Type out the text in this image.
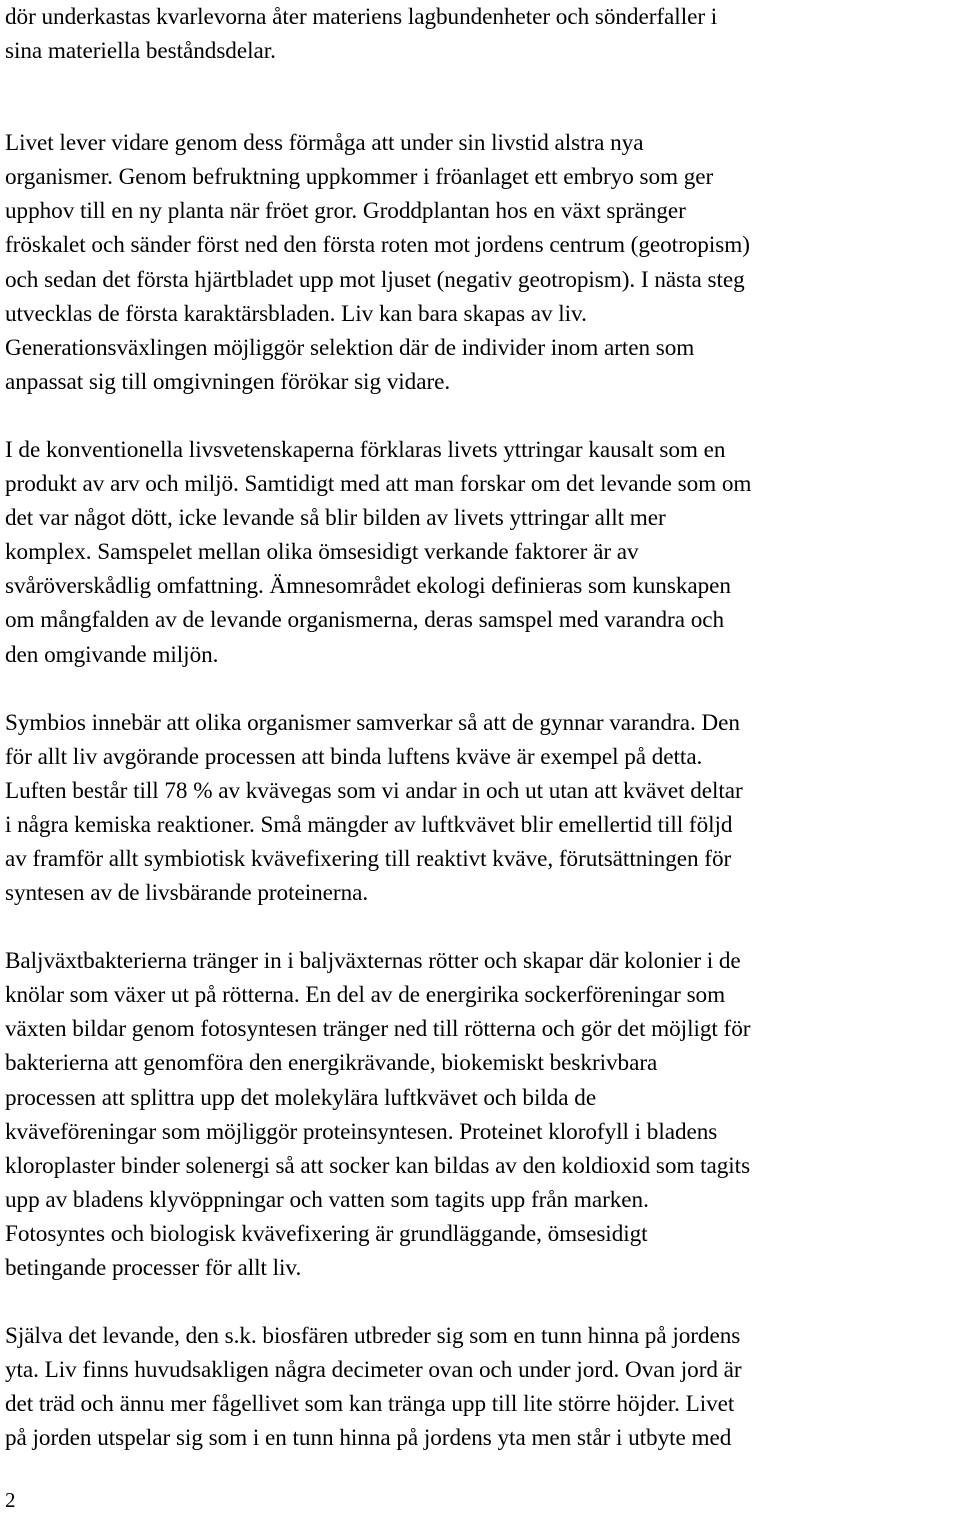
dör underkastas kvarlevorna åter materiens lagbundenheter och sönderfaller i
sina materiella beståndsdelar.

Livet lever vidare genom dess förmåga att under sin livstid alstra nya
organismer. Genom befruktning uppkommer i fröanlaget ett embryo som ger
upphov till en ny planta när fröet gror. Groddplantan hos en växt spränger
fröskalet och sänder först ned den första roten mot jordens centrum (geotropism)
och sedan det första hjärtbladet upp mot ljuset (negativ geotropism). I nästa steg
utvecklas de första karaktärsbladen. Liv kan bara skapas av liv.
Generationsväxlingen möjliggör selektion där de individer inom arten som
anpassat sig till omgivningen förökar sig vidare.

I de konventionella livsvetenskaperna förklaras livets yttringar kausalt som en
produkt av arv och miljö. Samtidigt med att man forskar om det levande som om
det var något dött, icke levande så blir bilden av livets yttringar allt mer
komplex. Samspelet mellan olika ömsesidigt verkande faktorer är av
svåröverskådlig omfattning. Ämnesområdet ekologi definieras som kunskapen
om mångfalden av de levande organismerna, deras samspel med varandra och
den omgivande miljön.

Symbios innebär att olika organismer samverkar så att de gynnar varandra. Den
för allt liv avgörande processen att binda luftens kväve är exempel på detta.
Luften består till 78 % av kvävegas som vi andar in och ut utan att kvävet deltar
i några kemiska reaktioner. Små mängder av luftkvävet blir emellertid till följd
av framför allt symbiotisk kvävefixering till reaktivt kväve, förutsättningen för
syntesen av de livsbärande proteinerna.

Baljväxtbakterierna tränger in i baljväxternas rötter och skapar där kolonier i de
knölar som växer ut på rötterna. En del av de energirika sockerföreningar som
växten bildar genom fotosyntesen tränger ned till rötterna och gör det möjligt för
bakterierna att genomföra den energikrävande, biokemiskt beskrivbara
processen att splittra upp det molekylära luftkvävet och bilda de
kväveföreningar som möjliggör proteinsyntesen. Proteinet klorofyll i bladens
kloroplaster binder solenergi så att socker kan bildas av den koldioxid som tagits
upp av bladens klyvöppningar och vatten som tagits upp från marken.
Fotosyntes och biologisk kvävefixering är grundläggande, ömsesidigt
betingande processer för allt liv.

Själva det levande, den s.k. biosfären utbreder sig som en tunn hinna på jordens
yta. Liv finns huvudsakligen några decimeter ovan och under jord. Ovan jord är
det träd och ännu mer fågellivet som kan tränga upp till lite större höjder. Livet
på jorden utspelar sig som i en tunn hinna på jordens yta men står i utbyte med

2
